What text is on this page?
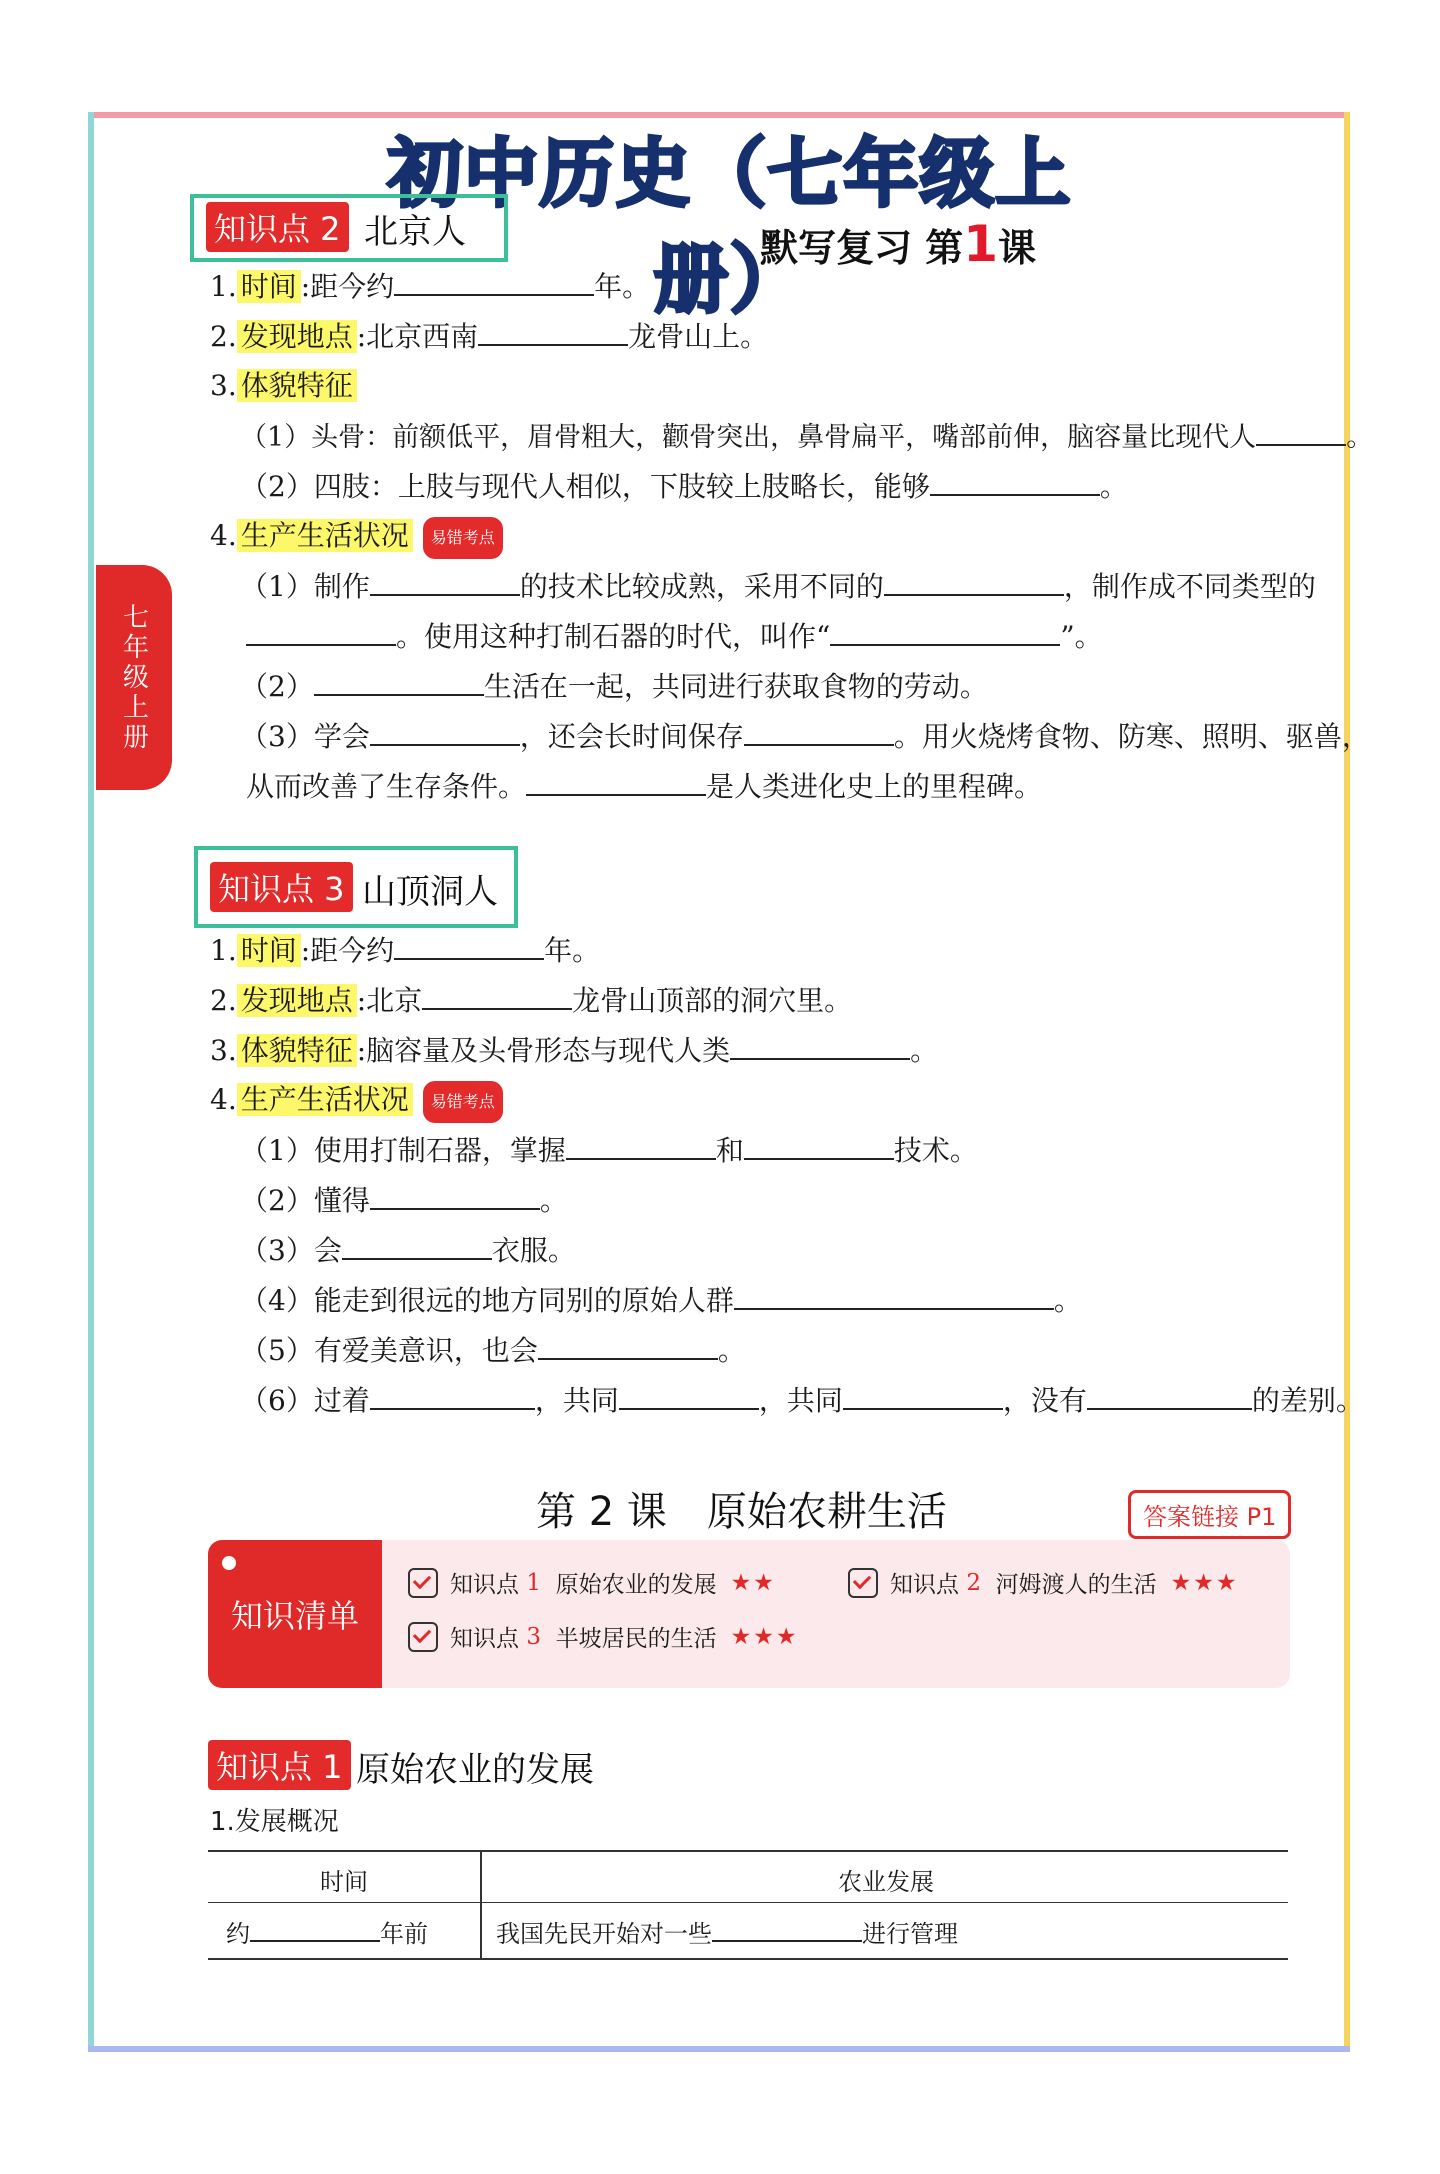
初中历史（七年级上册）
默写复习 第1课
七年级上册
知识点 2 北京人
1. 时间 :距今约	年。
2. 发现地点 :北京西南	龙骨山上。
3. 体貌特征
（1）头骨：前额低平，眉骨粗大，颧骨突出，鼻骨扁平，嘴部前伸，脑容量比现代人	。
（2）四肢：上肢与现代人相似，下肢较上肢略长，能够	。
4. 生产生活状况 易错考点
（1）制作	的技术比较成熟，采用不同的	，制作成不同类型的
。使用这种打制石器的时代，叫作“	”。
（2）	生活在一起，共同进行获取食物的劳动。
（3）学会	，还会长时间保存	。用火烧烤食物、防寒、照明、驱兽，
从而改善了生存条件。	是人类进化史上的里程碑。
知识点 3 山顶洞人
1. 时间 :距今约	年。
2. 发现地点 :北京	龙骨山顶部的洞穴里。
3. 体貌特征 :脑容量及头骨形态与现代人类	。
4. 生产生活状况 易错考点
（1）使用打制石器，掌握	和	技术。
（2）懂得	。
（3）会	衣服。
（4）能走到很远的地方同别的原始人群	。
（5）有爱美意识，也会	。
（6）过着	，共同	，共同	，没有	的差别。
第 2 课　原始农耕生活	答案链接 P1
知识清单
知识点
1
原始农业的发展 ★★	知识点
2
河姆渡人的生活 ★★★
知识点
3
半坡居民的生活 ★★★
知识点 1 原始农业的发展
1.发展概况
时间	农业发展
约	年前	我国先民开始对一些	进行管理
